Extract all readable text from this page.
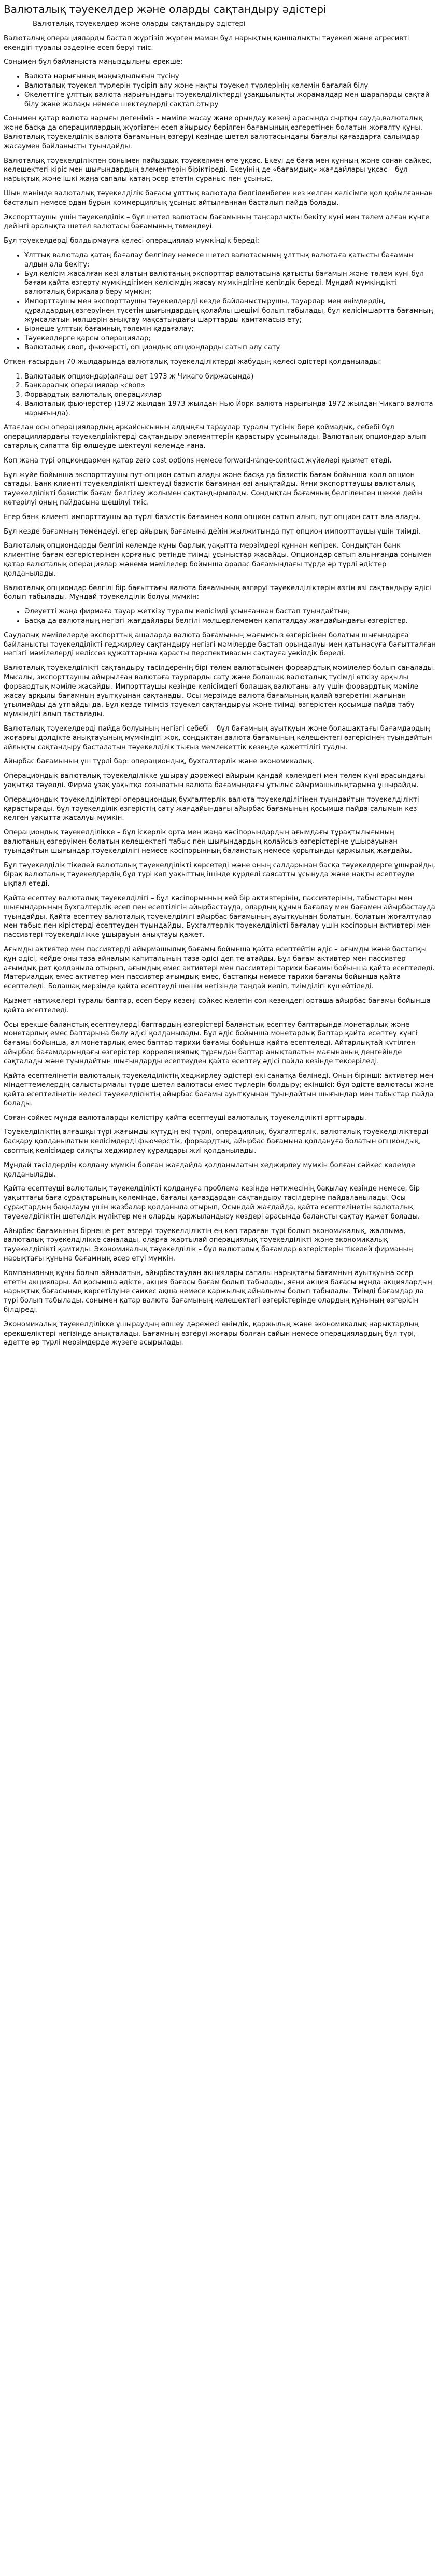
Валюталық тәуекелдер және оларды сақтандыру әдістері

Валюталық тәуекелдер және оларды сақтандыру әдістері

Валюталық операцияларды бастап жүргізіп жүрген маман бұл нарықтың қаншалықты тәуекел және агресивті екендігі туралы әздеріне есеп беруі тиіс.

Сонымен бұл байланыста маңыздылығы ерекше:

• Валюта нарығының маңыздылығын түсіну
• Валюталық тәуекел түрлерін түсіріп алу және нақты тәуекел түрлерінің көлемін бағалай білу
• Өкелеттіге ұлттық валюта нарығындағы тәуекелділіктерді ұзақшылықты жорамалдар мен шараларды сақтай білу және жалақы немесе шектеулерді сақтап отыру

Сонымен қатар валюта нарығы дегеніміз – мәміле жасау және орындау кезеңі арасында сыртқы сауда,валюталық және басқа да операциялардың жүргізген есеп айырысу берілген бағамының өзгеретінен болатын жоғалту құны. Валюталық тәуекелділік валюта бағамының өзгеруі кезінде шетел валютасындағы бағалы қағаздарға салымдар жасаумен байланысты туындайды.

Валюталық тәуекелділікпен сонымен пайыздық тәуекелмен өте ұқсас. Екеуі де баға мен құнның және сонан сайкес, келешектегі кіріс мен шығындардың элементерін біріктіреді. Екеуінің де «бағамдық» жағдайлары ұқсас – бұл нарықтық және ішкі жаңа сапалы қатаң әсер ететін сұраныс пен ұсыныс.

Шын мәнінде валюталық тәуекелділік бағасы ұлттық валютада белгіленбеген кез келген келісімге қол қойылғаннан басталып немесе одан бұрын коммерциялық ұсыныс айтылғаннан басталып пайда болады.

Экспорттаушы үшін тәуекелділік – бұл шетел валютасы бағамының таңсарлықты бекіту күні мен төлем алған күнге дейінгі аралықта шетел валютасы бағамының төмендеуі.

Бұл тәуекелдерді болдырмауға келесі операциялар мүмкіндік береді:

• Ұлттық валютада қатаң бағалау белгілеу немесе шетел валютасының ұлттық валютаға қатысты бағамын алдын ала бекіту;
• Бұл келісім жасалған кезі алатын валютаның экспорттар валютасына қатысты бағамын және төлем күні бұл бағам қайта өзгерту мүмкіндігімен келісімдің жасау мүмкіндігіне кепілдік береді. Мұндай мүмкіндікті валюталық биржалар беру мүмкін;
• Импорттаушы мен экспорттаушы тәуекелдерді кезде байланыстырушы, тауарлар мен өнімдердің, құралдардың өзгеруінен түсетін шығындардың қолайлы шешімі болып табылады, бұл келісімшартта бағамның жұмсалатын мөлшерін анықтау мақсатындағы шарттарды қамтамасыз ету;
• Бірнеше ұлттық бағамның төлемін қадағалау;
• Тәуекелдерге қарсы операциялар;
• Валюталық своп, фьючерсті, опциондық опциондарды сатып алу сату

Өткен ғасырдың 70 жылдарында валюталық тәуекелділіктерді жабудың келесі әдістері қолданылады:

1. Валюталық опциондар(алғаш рет 1973 ж Чикаго биржасында)
2. Банкаралық операциялар «своп»
3. Форвардтық валюталық операциялар
4. Валюталық фьючерстер (1972 жылдан 1973 жылдан Нью Йорк валюта нарығында 1972 жылдан Чикаго валюта нарығында).

Атағлан осы операциялардың әрқайсысының алдыңғы тараулар туралы түсінік бере қоймадық, себебі бұл операциялардағы тәуекелділіктерді сақтандыру элементтерін қарастыру ұсынылады. Валюталық опциондар алып сатарлық сипатта бір өлшеуде шектеулі келемде ғана.

Коп жаңа түрі опциондармен қатар zero cost options немесе forward-range-contract жүйелері қызмет етеді.

Бұл жүйе бойынша экспорттаушы пут-опцион сатып алады және басқа да базистік бағам бойынша колл опцион сатады. Банк клиенті тәуекелділікті шектеуді базистік бағамнан өзі анықтайды. Яғни экспорттаушы валюталық тәуекелділікті базистік бағам белгілеу жолымен сақтандырылады. Сондықтан бағамның белгіленген шекке дейін көтерілуі оның пайдасына шешілуі тиіс.

Егер банк клиенті импорттаушы ар түрлі базистік бағамнен колл опцион сатып алып, пут опцион сатт ала алады.

Бұл кезде бағамның төмендеуі, егер айырық бағамына дейін жылжитында пут опцион импорттаушы үшін тиімді.

Валюталық опциондарды белгілі көлемде кұны барлық уақытта мерзімдері құннан көпірек. Сондықтан банк клиентіне бағам өзгерістерінен қорғаныс ретінде тиімді ұсыныстар жасайды. Опциондар сатып алынғанда сонымен қатар валюталық операциялар жәнемә мәмілелер бойынша аралас бағамындағы түрде әр түрлі әдістер қолданылады.

Валюталық опциондар белгілі бір бағыттағы валюта бағамының өзгеруі тәуекелділіктерін өзгін өзі сақтандыру әдісі болып табылады. Мұндай тәуекелділік болуы мүмкін:

• Әлеуетті жаңа фирмаға тауар жеткізу туралы келісімді ұсынғаннан бастап туындайтын;
• Басқа да валютаның негізгі жағдайлары белгілі мөлшерлемемен капиталдау жағдайындағы өзгерістер.

Саудалық мәмілелерде экспорттық ашаларда валюта бағамының жағымсыз өзгерісінен болатын шығындарға байланысты тәуекелділікті геджирлеу сақтандыру негізгі мәмілерде бастап орындалуы мен қатынасуға бағытталған негізгі мәмілелерді келіссөз құжаттарына қарасты перспективасын сақтауға уәкілдік береді.

Валюталық тәуекелділікті сақтандыру тасілдеренің бірі төлем валютасымен форвардтық мәмілелер болып саналады. Мысалы, экспорттаушы айырылған валютаға таурларды сату және болашақ валюталық түсімді өткізу арқылы форвардтық мәміле жасайды. Импорттаушы кезінде келісімдегі болашақ валютаны алу үшін форвардтық мәміле жасау арқылы бағамның ауытқуынан сақтанады. Осы мерзімде валюта бағамының қалай өзгеретіні жағынан ұтылмайды да ұтпайды да. Бұл кезде тиімсіз тәуекел сақтандыруы және тиімді өзгерістен қосымша пайда табу мүмкіндігі алып тасталады.

Валюталық тәуекелдерді пайда болуының негізгі себебі – бұл бағамның ауытқуын және болашақтағы бағамдардың жоғарғы дәлдікте анықтауының мүмкіндігі жоқ, сондықтан валюта бағамының келешектегі өзгерісінен туындайтын айлықты сақтандыру басталатын тәуекелділік тығыз мемлекеттік кезеңде қажеттілігі туады.

Айырбас бағамының үш түрлі бар: операциондық, бухгалтерлік және экономикалық.

Операциондық валюталық тәуекелділікке ұшырау дәрежесі айырым қандай көлемдегі мен төлем күні арасындағы уақытқа тәуелді. Фирма ұзақ уақытқа созылатын валюта бағамындағы ұтылыс айырмашылықтарына ұшырайды.

Операциондық тәуекелділіктері операциондық бухгалтерлік валюта тәуекелділігінен туындайтын тәуекелділікті қарастырады, бұл тәуекелділік өзгерістің сату жағдайындағы айырбас бағамының қосымша пайда салымын кез келген уақытта жасалуы мүмкін.

Операциондық тәуекелділікке – бұл іскерлік орта мен жаңа кәсіпорындардың ағымдағы тұрақтылығының валютаның өзгеруімен болатын келешектегі табыс пен шығындардың қолайсыз өзгерістеріне ұшырауынан туындайтын шығындар тәуекелділігі немесе кәсіпорынның баланстық немесе қорытынды қаржылық жағдайы.

Бұл тәуекелділік тікелей валюталық тәуекелділікті көрсетеді және оның салдарынан басқа тәуекелдерге ұшырайды, бірақ валюталық тәуекелдердің бұл түрі көп уақыттың ішінде күрделі саясатты ұсынуда және нақты есептеуде ықпал етеді.

Қайта есептеу валюталық тәуекелділігі – бұл кәсіпорынның кей бір активтерінің, пассивтерінің, табыстары мен шығындарының бухгалтерлік есеп пен есептілігін айырбастауда, олардың құнын бағалау мен бағамен айырбастауда туындайды. Қайта есептеу валюталық тәуекелділігі айырбас бағамының ауытқуынан болатын, болатын жоғалтулар мен табыс пен кірістерді есептеуден туындайды. Бухгалтерлік тәуекелділікті бағалау үшін кәсіпорын активтері мен пассивтері тәуекелділікке ұшырауын анықтауы қажет.

Ағымды активтер мен пассивтерді айырмашылық бағамы бойынша қайта есептейтін әдіс – ағымды және бастапқы құн әдісі, кейде оны таза айналым капиталының таза әдісі деп те атайды. Бұл бағам активтер мен пассивтер ағымдық рет қолданыла отырып, ағымдық емес активтері мен пассивтері тарихи бағамы бойынша қайта есептеледі. Материалдық емес активтер мен пассивтер ағымдық емес, бастапқы немесе тарихи бағамы бойынша қайта есептеледі. Болашақ мерзімде қайта есептеуді шешім негізінде таңдай келіп, тиімділігі күшейтіледі.

Қызмет натижелері туралы баптар, есеп беру кезеңі сәйкес келетін сол кезеңдегі орташа айырбас бағамы бойынша қайта есептеледі.

Осы ерекше баланстық есептеулерді баптардың өзгерістері баланстық есептеу баптарында монетарлық және монетарлық емес баптарына бөлу әдісі қолданылады. Бұл әдіс бойынша монетарлық баптар қайта есептеу күнгі бағамы бойынша, ал монетарлық емес баптар тарихи бағамы бойынша қайта есептеледі. Айтарлықтай күтілген айырбас бағамдарындағы өзгерістер корреляциялық тұрғыдан баптар анықталатын мағынаның деңгейінде сақталады және туындайтын шығындарды есептеуден қайта есептеу әдісі пайда кезінде тексеріледі.

Қайта есептелінетін валюталық тәуекелділіктің хеджирлеу әдістері екі санатқа бөлінеді. Оның бірінші: активтер мен міндеттемелердің салыстырмалы түрде шетел валютасы емес түрлерін болдыру; екіншісі: бұл әдісте валютасы және қайта есептелінетін келесі тәуекелділіктің айырбас бағамы ауытқуынан туындайтын шығындар мен табыстар пайда болады.

Соған сәйкес мұнда валюталарды келістіру қайта есептеуші валюталық тәуекелділікті арттырады.

Тәуекелділіктің алғашқы түрі жағымды күтудің екі түрлі, операциялық, бухгалтерлік, валюталық тәуекелділіктерді басқару қолданылатын келісімдерді фьючерстік, форвардтық, айырбас бағамына қолдануға болатын опциондық, своптық келісімдер сияқты хеджирлеу құралдары жиі қолданылады.

Мұндай тәсілдердің қолдану мүмкін болған жағдайда қолданылатын хеджирлеу мүмкін болған сәйкес көлемде қолданылады.

Қайта есептеуші валюталық тәуекелділікті қолдануға проблема кезінде нәтижесінің бақылау кезінде немесе, бір уақыттағы баға сұрақтарының көлемінде, бағалы қағаздардан сақтандыру тасілдеріне пайдаланылады. Осы сұрақтардың бақылауы үшін жазбалар қолданыла отырып, Осындай жағдайда, қайта есептелінетін валюталық тәуекелділіктің шетелдік мүліктер мен оларды қаржыландыру көздері арасында балансты сақтау қажет болады.

Айырбас бағамының бірнеше рет өзгеруі тәуекелділіктің ең көп тараған түрі болып экономикалық, жалпыма, валюталық тәуекелділікке саналады, оларға жартылай операциялық тәуекелділікті және экономикалық тәуекелділікті қамтиды. Экономикалық тәуекелділік – бұл валюталық бағамдар өзгерістерін тікелей фирманың нарықтағы құнына бағамның әсер етуі мүмкін.

Компанияның құны болып айналатын, айырбастаудан акциялары сапалы нарықтағы бағамның ауытқуына әсер ететін акциялары. Ал қосымша әдісте, акция бағасы бағам болып табылады, яғни акция бағасы мұнда акциялардың нарықтық бағасының көрсетілуіне сәйкес ақша немесе қаржылық айналымы болып табылады. Тиімді бағамдар да түрі болып табылады, сонымен қатар валюта бағамының келешектегі өзгерістерінде олардың құнының өзгерісін білдіреді.

Экономикалық тәуекелділікке ұшыраудың өлшеу дәрежесі өнімдік, қаржылық және экономикалық нарықтардың ерекшеліктері негізінде анықталады. Бағамның өзгеруі жоғары болған сайын немесе операциялардың бұл түрі, әдетте әр түрлі мерзімдерде жүзеге асырылады.
